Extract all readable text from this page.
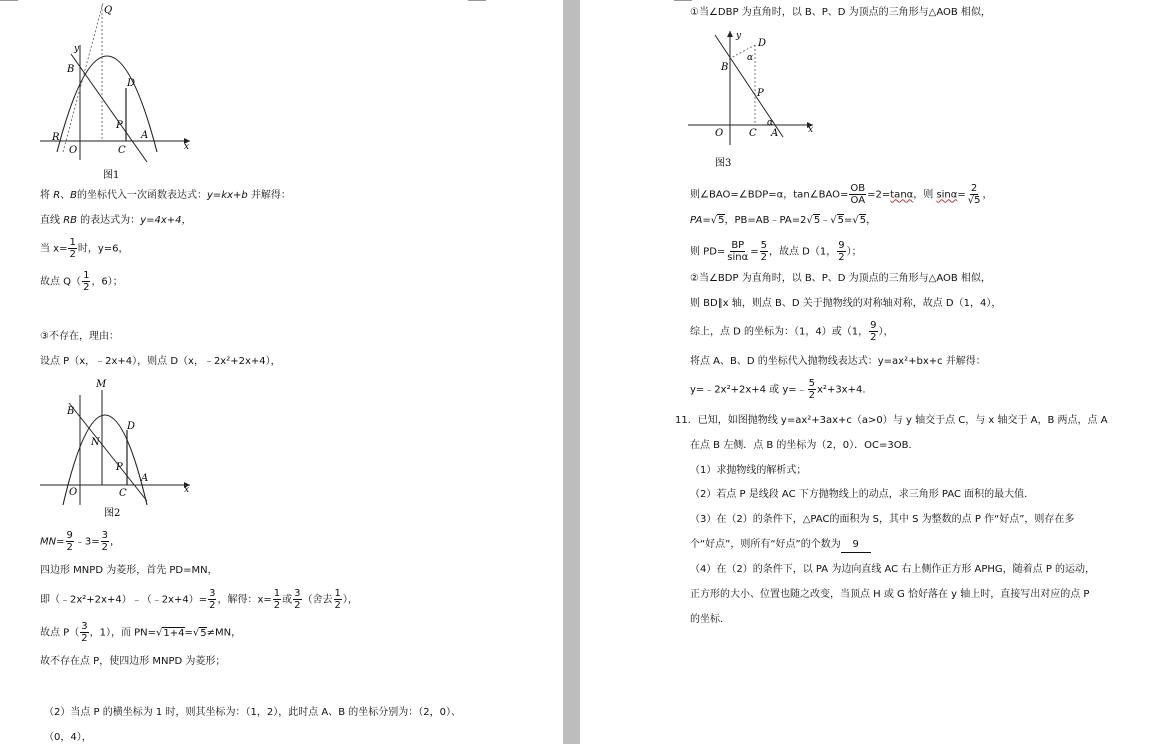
Q
y
B
D
P
A
R
O	C	x
图1
将 R、B的坐标代入一次函数表达式：y=kx+b 并解得：
直线 RB 的表达式为：y=4x+4，
当 $x= \frac{1}{2}$ 时，y=6，
故点 $Q( \frac{1}{2}$ ，6）；
③不存在，理由：
设点 P（x，﹣2x+4），则点 D（x，﹣2x²+2x+4），
M
B
N
D
P
A
O	C	x
图2
$MN= \frac{9}{2}$ ﹣3= $\frac{3}{2}$ ，
四边形 MNPD 为菱形，首先 PD=MN，
即（﹣2x²+2x+4）﹣（﹣2x+4）= $\frac{3}{2}$ ，解得：$x= \frac{1}{2}$ 或 $\frac{3}{2}$ （舍去 $\frac{1}{2}$ ），
故点 $P( \frac{3}{2}$ ，1），而 PN=√1+4=√5≠MN，
故不存在点 P，使四边形 MNPD 为菱形；
（2）当点 P 的横坐标为 1 时，则其坐标为：（1，2），此时点 A、B 的坐标分别为：（2，0）、
（0，4），
①当∠DBP 为直角时，以 B、P、D 为顶点的三角形与△AOB 相似，
y
D
B
α
P
α
O	C A	x
图3
则∠BAO=∠BDP=α，tan∠BAO= $\frac{OB}{OA} =2=\tan\alpha$，则 $\sin\alpha= \frac{2}{√5}$ ，
PA=√5，PB=AB﹣PA=2√5﹣√5=√5，
则 $PD= \frac{BP}{\sin\alpha} = \frac{5}{2}$ ，故点 D（1， $\frac{9}{2}$ ）；
②当∠BDP 为直角时，以 B、P、D 为顶点的三角形与△AOB 相似，
则 BD∥x 轴，则点 B、D 关于抛物线的对称轴对称，故点 D（1，4），
综上，点 D 的坐标为：（1，4）或（1， $\frac{9}{2}$ ），
将点 A、B、D 的坐标代入抛物线表达式：y=ax²+bx+c 并解得：
y=﹣2x²+2x+4 或 y=﹣ $\frac{5}{2} x^2+3x+4$.
11．已知，如图抛物线 y=ax²+3ax+c（a>0）与 y 轴交于点 C，与 x 轴交于 A，B 两点，点 A
在点 B 左侧．点 B 的坐标为（2，0）．OC=3OB．
（1）求抛物线的解析式；
（2）若点 P 是线段 AC 下方抛物线上的动点，求三角形 PAC 面积的最大值．
（3）在（2）的条件下，△PAC的面积为 S，其中 S 为整数的点 P 作“好点”，则存在多
个“好点”，则所有“好点”的个数为 9
（4）在（2）的条件下，以 PA 为边向直线 AC 右上侧作正方形 APHG，随着点 P 的运动，
正方形的大小、位置也随之改变，当顶点 H 或 G 恰好落在 y 轴上时，直接写出对应的点 P
的坐标．
